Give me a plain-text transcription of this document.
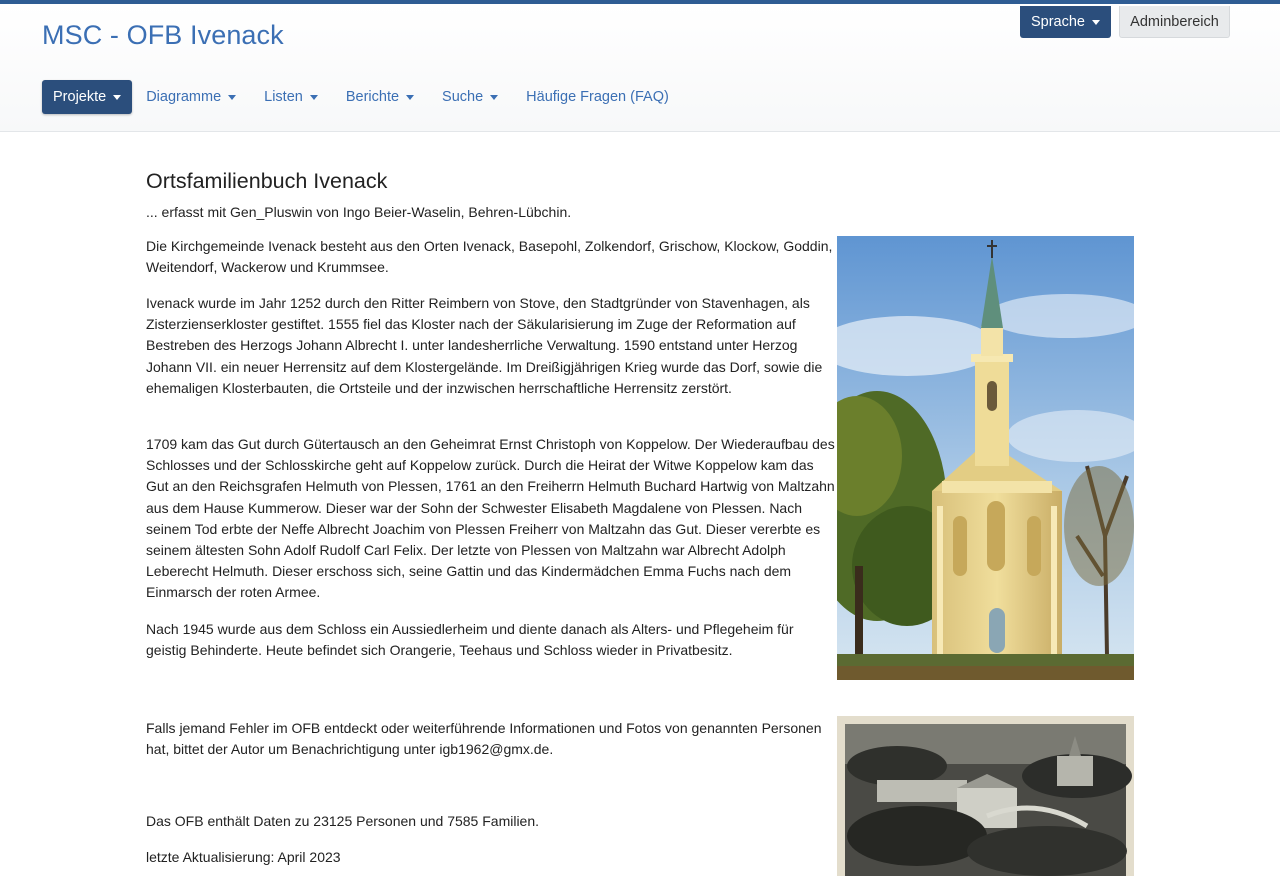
MSC - OFB Ivenack	Sprache	Adminbereich
Projekte	Diagramme	Listen	Berichte	Suche	Häufige Fragen (FAQ)
Ortsfamilienbuch Ivenack

... erfasst mit Gen_Pluswin von Ingo Beier-Waselin, Behren-Lübchin.

Die Kirchgemeinde Ivenack besteht aus den Orten Ivenack, Basepohl, Zolkendorf, Grischow, Klockow, Goddin, Weitendorf, Wackerow und Krummsee.

Ivenack wurde im Jahr 1252 durch den Ritter Reimbern von Stove, den Stadtgründer von Stavenhagen, als Zisterzienserkloster gestiftet. 1555 fiel das Kloster nach der Säkularisierung im Zuge der Reformation auf Bestreben des Herzogs Johann Albrecht I. unter landesherrliche Verwaltung. 1590 entstand unter Herzog Johann VII. ein neuer Herrensitz auf dem Klostergelände. Im Dreißigjährigen Krieg wurde das Dorf, sowie die ehemaligen Klosterbauten, die Ortsteile und der inzwischen herrschaftliche Herrensitz zerstört.

1709 kam das Gut durch Gütertausch an den Geheimrat Ernst Christoph von Koppelow. Der Wiederaufbau des Schlosses und der Schlosskirche geht auf Koppelow zurück. Durch die Heirat der Witwe Koppelow kam das Gut an den Reichsgrafen Helmuth von Plessen, 1761 an den Freiherrn Helmuth Buchard Hartwig von Maltzahn aus dem Hause Kummerow. Dieser war der Sohn der Schwester Elisabeth Magdalene von Plessen. Nach seinem Tod erbte der Neffe Albrecht Joachim von Plessen Freiherr von Maltzahn das Gut. Dieser vererbte es seinem ältesten Sohn Adolf Rudolf Carl Felix. Der letzte von Plessen von Maltzahn war Albrecht Adolph Leberecht Helmuth. Dieser erschoss sich, seine Gattin und das Kindermädchen Emma Fuchs nach dem Einmarsch der roten Armee.

Nach 1945 wurde aus dem Schloss ein Aussiedlerheim und diente danach als Alters- und Pflegeheim für geistig Behinderte. Heute befindet sich Orangerie, Teehaus und Schloss wieder in Privatbesitz.

Falls jemand Fehler im OFB entdeckt oder weiterführende Informationen und Fotos von genannten Personen hat, bittet der Autor um Benachrichtigung unter igb1962@gmx.de.

Das OFB enthält Daten zu 23125 Personen und 7585 Familien.

letzte Aktualisierung: April 2023
